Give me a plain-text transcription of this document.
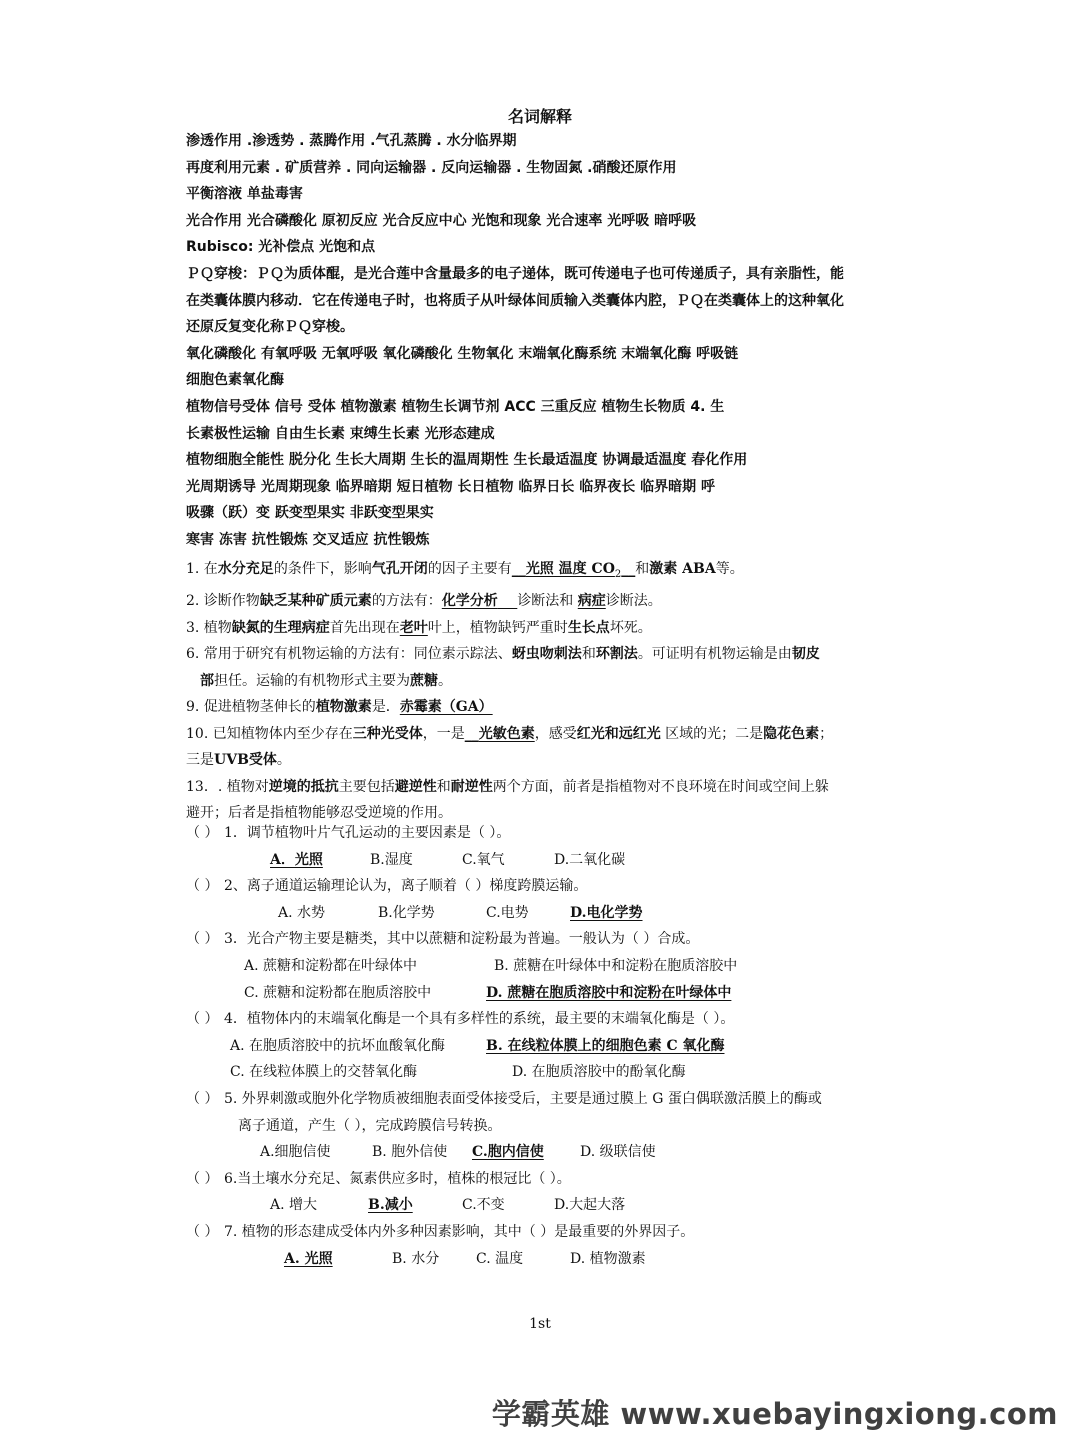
名词解释
渗透作用 .渗透势 . 蒸腾作用 .气孔蒸腾 . 水分临界期
再度利用元素 . 矿质营养 . 同向运输器 . 反向运输器 . 生物固氮 .硝酸还原作用
平衡溶液 单盐毒害
光合作用 光合磷酸化 原初反应 光合反应中心 光饱和现象 光合速率 光呼吸 暗呼吸
Rubisco: 光补偿点 光饱和点
ＰＱ穿梭：ＰＱ为质体醌，是光合莲中含量最多的电子递体，既可传递电子也可传递质子，具有亲脂性，能
在类囊体膜内移动．它在传递电子时，也将质子从叶绿体间质输入类囊体内腔，ＰＱ在类囊体上的这种氧化
还原反复变化称ＰＱ穿梭。
氧化磷酸化 有氧呼吸 无氧呼吸 氧化磷酸化 生物氧化 末端氧化酶系统 末端氧化酶 呼吸链
细胞色素氧化酶
植物信号受体 信号 受体 植物激素 植物生长调节剂 ACC 三重反应 植物生长物质 4. 生
长素极性运输 自由生长素 束缚生长素 光形态建成
植物细胞全能性 脱分化 生长大周期 生长的温周期性 生长最适温度 协调最适温度 春化作用
光周期诱导 光周期现象 临界暗期 短日植物 长日植物 临界日长 临界夜长 临界暗期 呼
吸骤（跃）变 跃变型果实 非跃变型果实
寒害 冻害 抗性锻炼 交叉适应 抗性锻炼
1. 在水分充足的条件下，影响气孔开闭的因子主要有__光照 温度 $CO_2\_\_$和激素 ABA等。
2. 诊断作物缺乏某种矿质元素的方法有：化学分析 诊断法和 病症诊断法。
3. 植物缺氮的生理病症首先出现在老叶叶上，植物缺钙严重时生长点坏死。
6. 常用于研究有机物运输的方法有：同位素示踪法、蚜虫吻刺法和环割法。可证明有机物运输是由韧皮
部担任。运输的有机物形式主要为蔗糖。
9. 促进植物茎伸长的植物激素是．赤霉素（GA）
10. 已知植物体内至少存在三种光受体，一是__光敏色素，感受红光和远红光 区域的光；二是隐花色素；
三是UVB受体。
13．. 植物对逆境的抵抗主要包括避逆性和耐逆性两个方面，前者是指植物对不良环境在时间或空间上躲
避开；后者是指植物能够忍受逆境的作用。
（ ） 1．调节植物叶片气孔运动的主要因素是（ ）。
A．光照	B.湿度	C.氧气	D.二氧化碳
（ ） 2、离子通道运输理论认为，离子顺着（ ）梯度跨膜运输。
A. 水势	B.化学势	C.电势	D.电化学势
（ ） 3．光合产物主要是糖类，其中以蔗糖和淀粉最为普遍。一般认为（ ）合成。
A. 蔗糖和淀粉都在叶绿体中	B. 蔗糖在叶绿体中和淀粉在胞质溶胶中
C. 蔗糖和淀粉都在胞质溶胶中	D. 蔗糖在胞质溶胶中和淀粉在叶绿体中
（ ） 4．植物体内的末端氧化酶是一个具有多样性的系统，最主要的末端氧化酶是（ ）。
A. 在胞质溶胶中的抗坏血酸氧化酶	B. 在线粒体膜上的细胞色素 C 氧化酶
C. 在线粒体膜上的交替氧化酶	D. 在胞质溶胶中的酚氧化酶
（ ） 5. 外界刺激或胞外化学物质被细胞表面受体接受后，主要是通过膜上 G 蛋白偶联激活膜上的酶或
离子通道，产生（ ），完成跨膜信号转换。
A.细胞信使	B. 胞外信使 C.胞内信使	D. 级联信使
（ ） 6.当土壤水分充足、氮素供应多时，植株的根冠比（ ）。
A. 增大	B.减小	C.不变	D.大起大落
（ ） 7. 植物的形态建成受体内外多种因素影响，其中（ ）是最重要的外界因子。
A. 光照	B. 水分	C. 温度	D. 植物激素
1st
学霸英雄 www.xuebayingxiong.com
